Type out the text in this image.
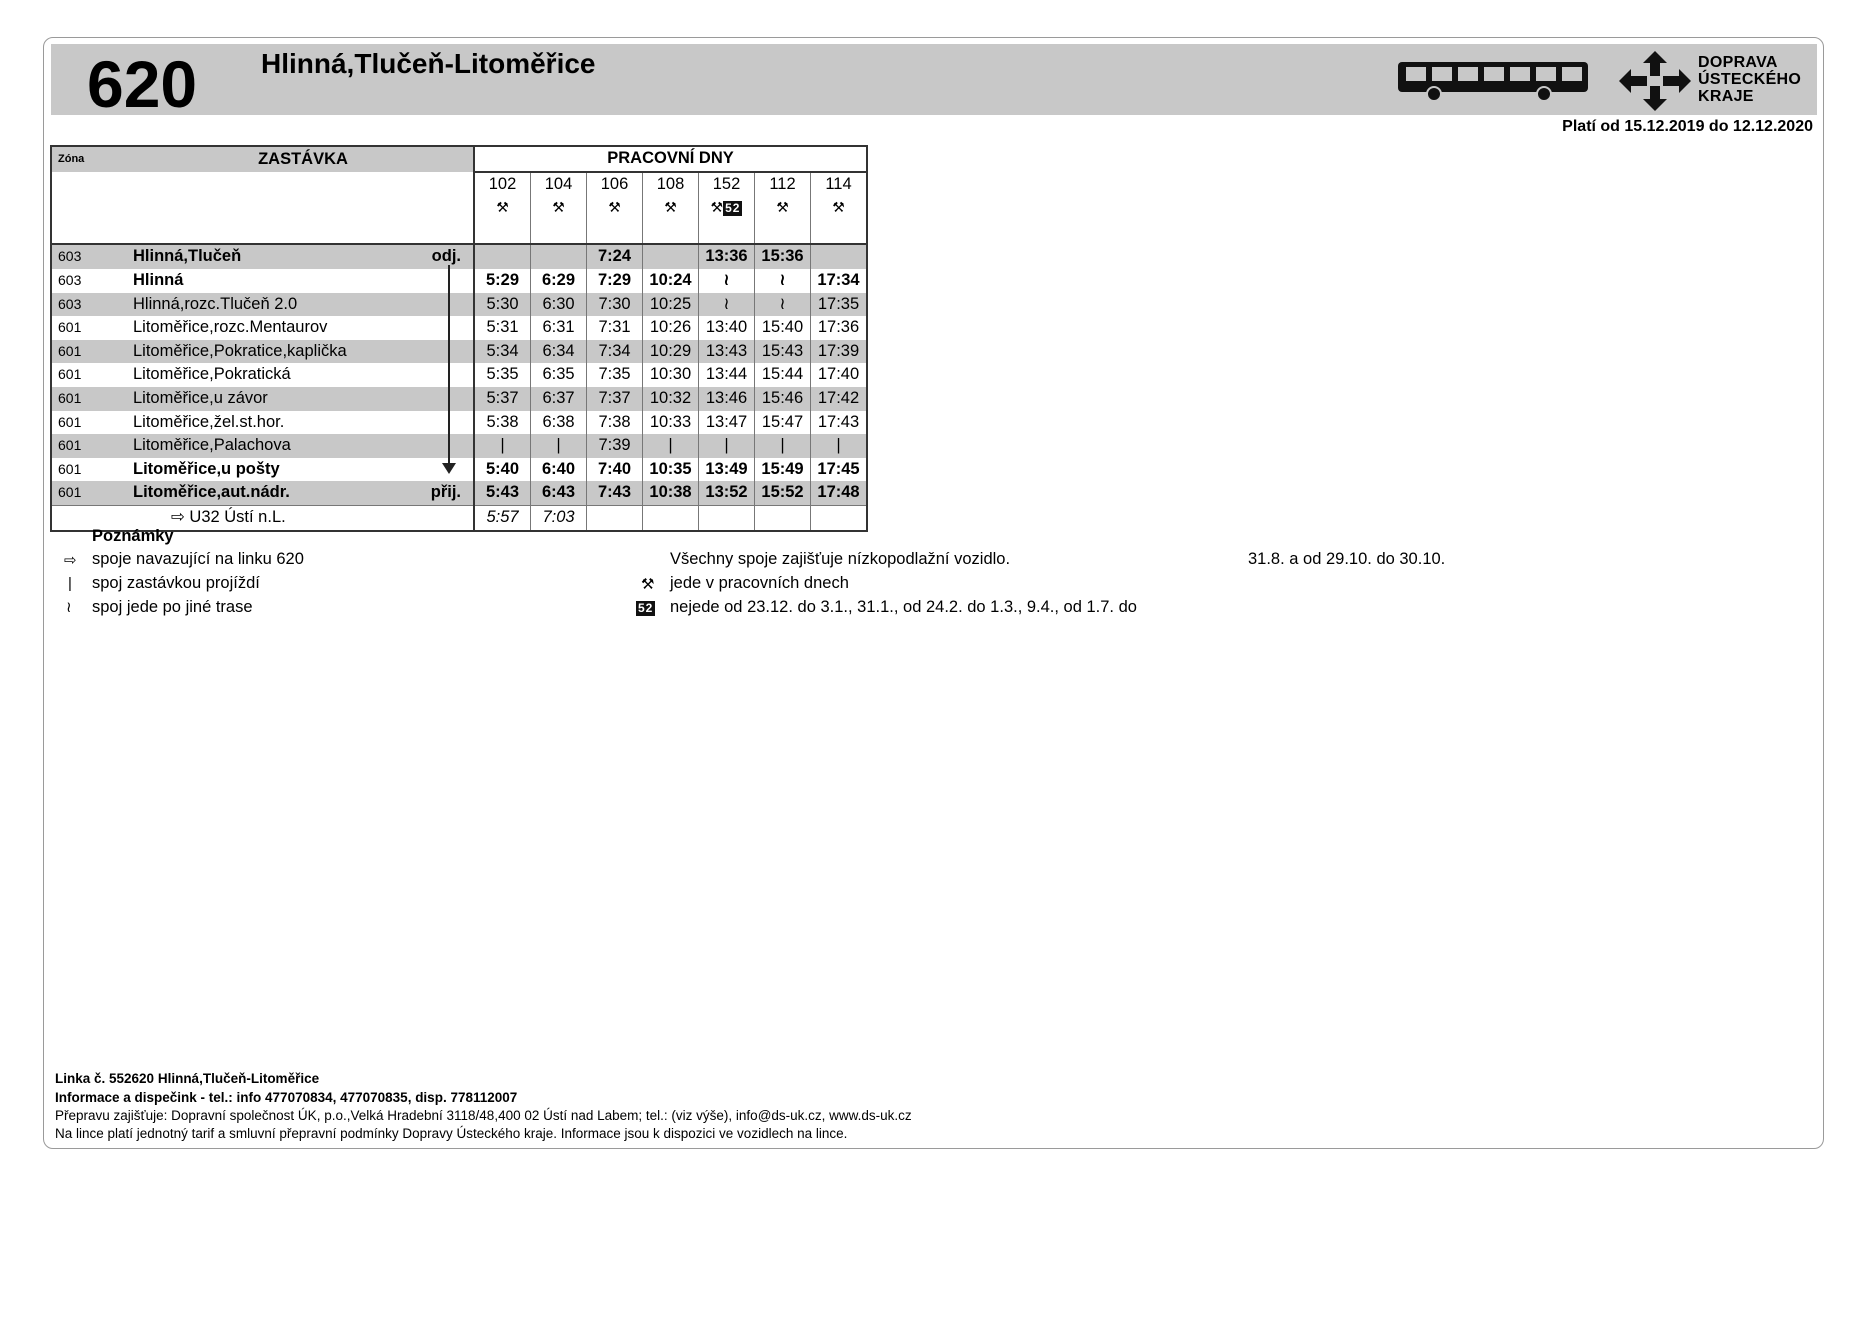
620 Hlinná,Tlučeň-Litoměřice	DOPRAVA
ÚSTECKÉHO
KRAJE
Platí od 15.12.2019 do 12.12.2020
Zóna	ZASTÁVKA	PRACOVNÍ DNY						
		102	104	106	108	152	112	114
		⚒	⚒	⚒	⚒	⚒ 52	⚒	⚒

603	Hlinná,Tlučeň odj.			7:24		13:36	15:36	
603	Hlinná	5:29	6:29	7:29	10:24	≀	≀	17:34
603	Hlinná,rozc.Tlučeň 2.0	5:30	6:30	7:30	10:25	≀	≀	17:35
601	Litoměřice,rozc.Mentaurov	5:31	6:31	7:31	10:26	13:40	15:40	17:36
601	Litoměřice,Pokratice,kaplička	5:34	6:34	7:34	10:29	13:43	15:43	17:39
601	Litoměřice,Pokratická	5:35	6:35	7:35	10:30	13:44	15:44	17:40
601	Litoměřice,u závor	5:37	6:37	7:37	10:32	13:46	15:46	17:42
601	Litoměřice,žel.st.hor.	5:38	6:38	7:38	10:33	13:47	15:47	17:43
601	Litoměřice,Palachova	|	|	7:39	|	|	|	|
601	Litoměřice,u pošty	5:40	6:40	7:40	10:35	13:49	15:49	17:45
601	Litoměřice,aut.nádr. přij.	5:43	6:43	7:43	10:38	13:52	15:52	17:48
	⇨ U32 Ústí n.L.	5:57	7:03					
Poznámky
⇨ spoje navazující na linku 620
| spoj zastávkou projíždí
≀ spoj jede po jiné trase
Všechny spoje zajišťuje nízkopodlažní vozidlo.
⚒ jede v pracovních dnech
52 nejede od 23.12. do 3.1., 31.1., od 24.2. do 1.3., 9.4., od 1.7. do
31.8. a od 29.10. do 30.10.
Linka č. 552620 Hlinná,Tlučeň-Litoměřice
Informace a dispečink - tel.: info 477070834, 477070835, disp. 778112007
Přepravu zajišťuje: Dopravní společnost ÚK, p.o.,Velká Hradební 3118/48,400 02 Ústí nad Labem; tel.: (viz výše), info@ds-uk.cz, www.ds-uk.cz
Na lince platí jednotný tarif a smluvní přepravní podmínky Dopravy Ústeckého kraje. Informace jsou k dispozici ve vozidlech na lince.
